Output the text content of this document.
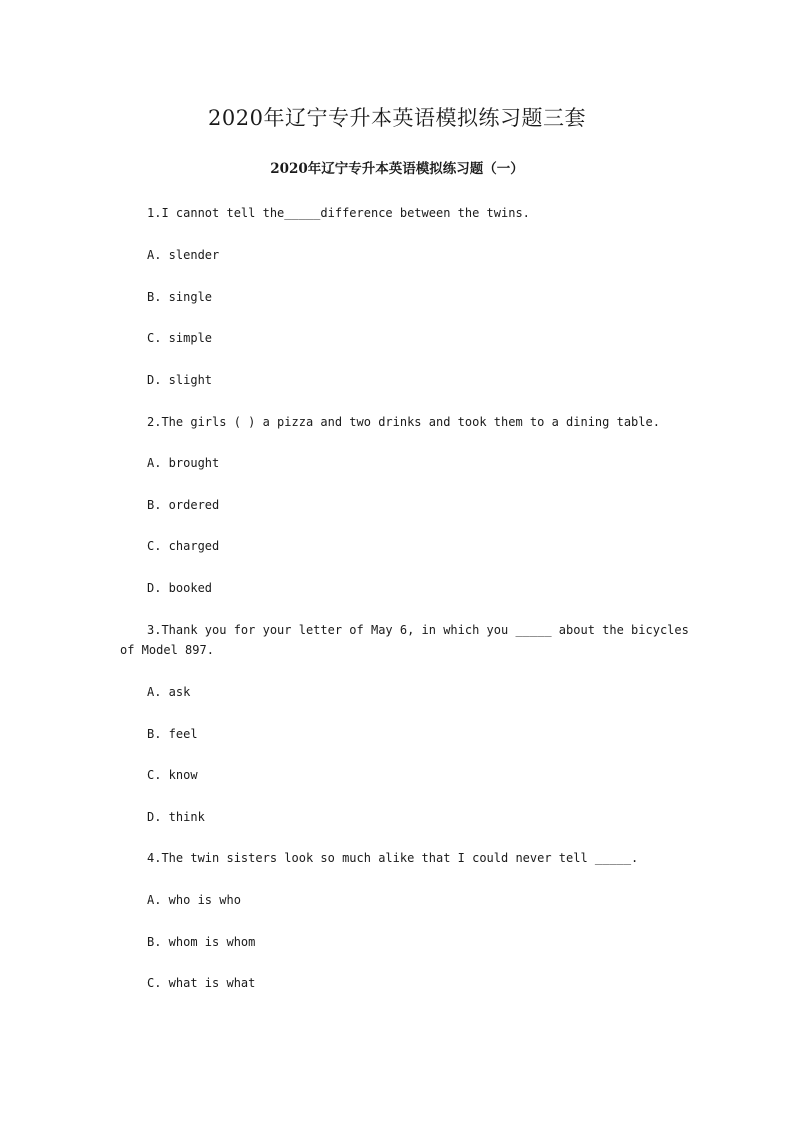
2020年辽宁专升本英语模拟练习题三套
2020年辽宁专升本英语模拟练习题（一）
1.I cannot tell the_____difference between the twins.
A. slender
B. single
C. simple
D. slight
2.The girls ( ) a pizza and two drinks and took them to a dining table.
A. brought
B. ordered
C. charged
D. booked
3.Thank you for your letter of May 6, in which you _____ about the bicycles
of Model 897.
A. ask
B. feel
C. know
D. think
4.The twin sisters look so much alike that I could never tell _____.
A. who is who
B. whom is whom
C. what is what
